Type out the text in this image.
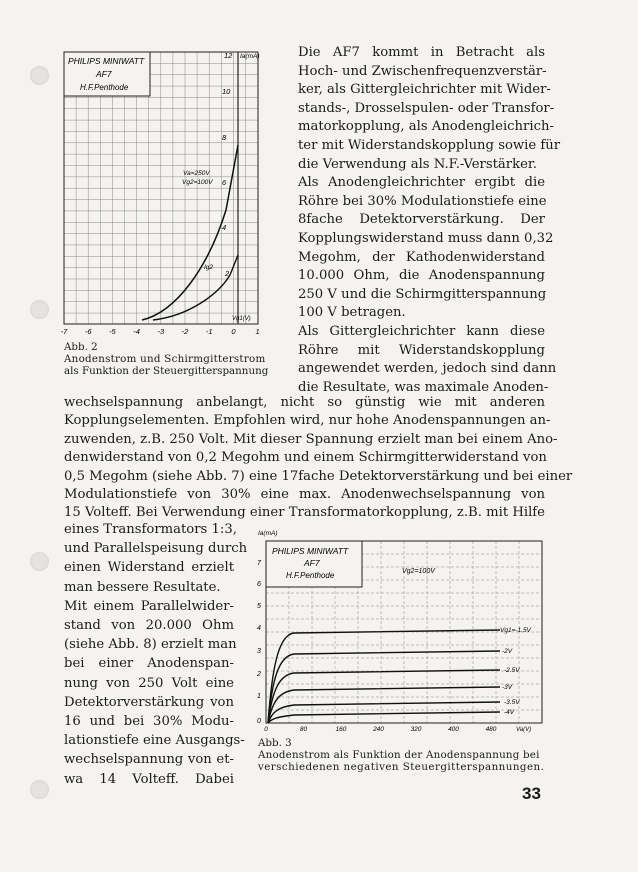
PHILIPS MINIWATT
AF7
H.F.Penthode
Ia(mA)
12
10
8
6
4
2
Va=250V
Vg2=100V
Ig2
Vg1(V)
-7 -6 -5 -4 -3 -2 -1	0	1
Abb. 2
Anodenstrom und Schirmgitterstrom
als Funktion der Steuergitterspannung
Die AF7 kommt in Betracht als
Hoch- und Zwischenfrequenzverstär-
ker, als Gittergleichrichter mit Wider-
stands-, Drosselspulen- oder Transfor-
matorkopplung, als Anodengleichrich-
ter mit Widerstandskopplung sowie für
die Verwendung als N.F.-Verstärker.
Als Anodengleichrichter ergibt die
Röhre bei 30% Modulationstiefe eine
8fache Detektorverstärkung. Der
Kopplungswiderstand muss dann 0,32
Megohm, der Kathodenwiderstand
10.000 Ohm, die Anodenspannung
250 V und die Schirmgitterspannung
100 V betragen.
Als Gittergleichrichter kann diese
Röhre mit Widerstandskopplung
angewendet werden, jedoch sind dann
die Resultate, was maximale Anoden-
wechselspannung anbelangt, nicht so günstig wie mit anderen
Kopplungselementen. Empfohlen wird, nur hohe Anodenspannungen an-
zuwenden, z.B. 250 Volt. Mit dieser Spannung erzielt man bei einem Ano-
denwiderstand von 0,2 Megohm und einem Schirmgitterwiderstand von
0,5 Megohm (siehe Abb. 7) eine 17fache Detektorverstärkung und bei einer
Modulationstiefe von 30% eine max. Anodenwechselspannung von
15 Volteff. Bei Verwendung einer Transformatorkopplung, z.B. mit Hilfe
eines Transformators 1:3,
und Parallelspeisung durch
einen Widerstand erzielt
man bessere Resultate.
Mit einem Parallelwider-
stand von 20.000 Ohm
(siehe Abb. 8) erzielt man
bei einer Anodenspan-
nung von 250 Volt eine
Detektorverstärkung von
16 und bei 30% Modu-
lationstiefe eine Ausgangs-
wechselspannung von et-
wa 14 Volteff. Dabei
Ia(mA)
PHILIPS MINIWATT
AF7
H.F.Penthode	Vg2=100V
Vg1=-1.5V
-2V
-2.5V
-3V
-3.5V
-4V
7
6
5
4
3
2
1
0
0	80	160	240	320	400	480	Va(V)
Abb. 3
Anodenstrom als Funktion der Anodenspannung bei
verschiedenen negativen Steuergitterspannungen.
33
